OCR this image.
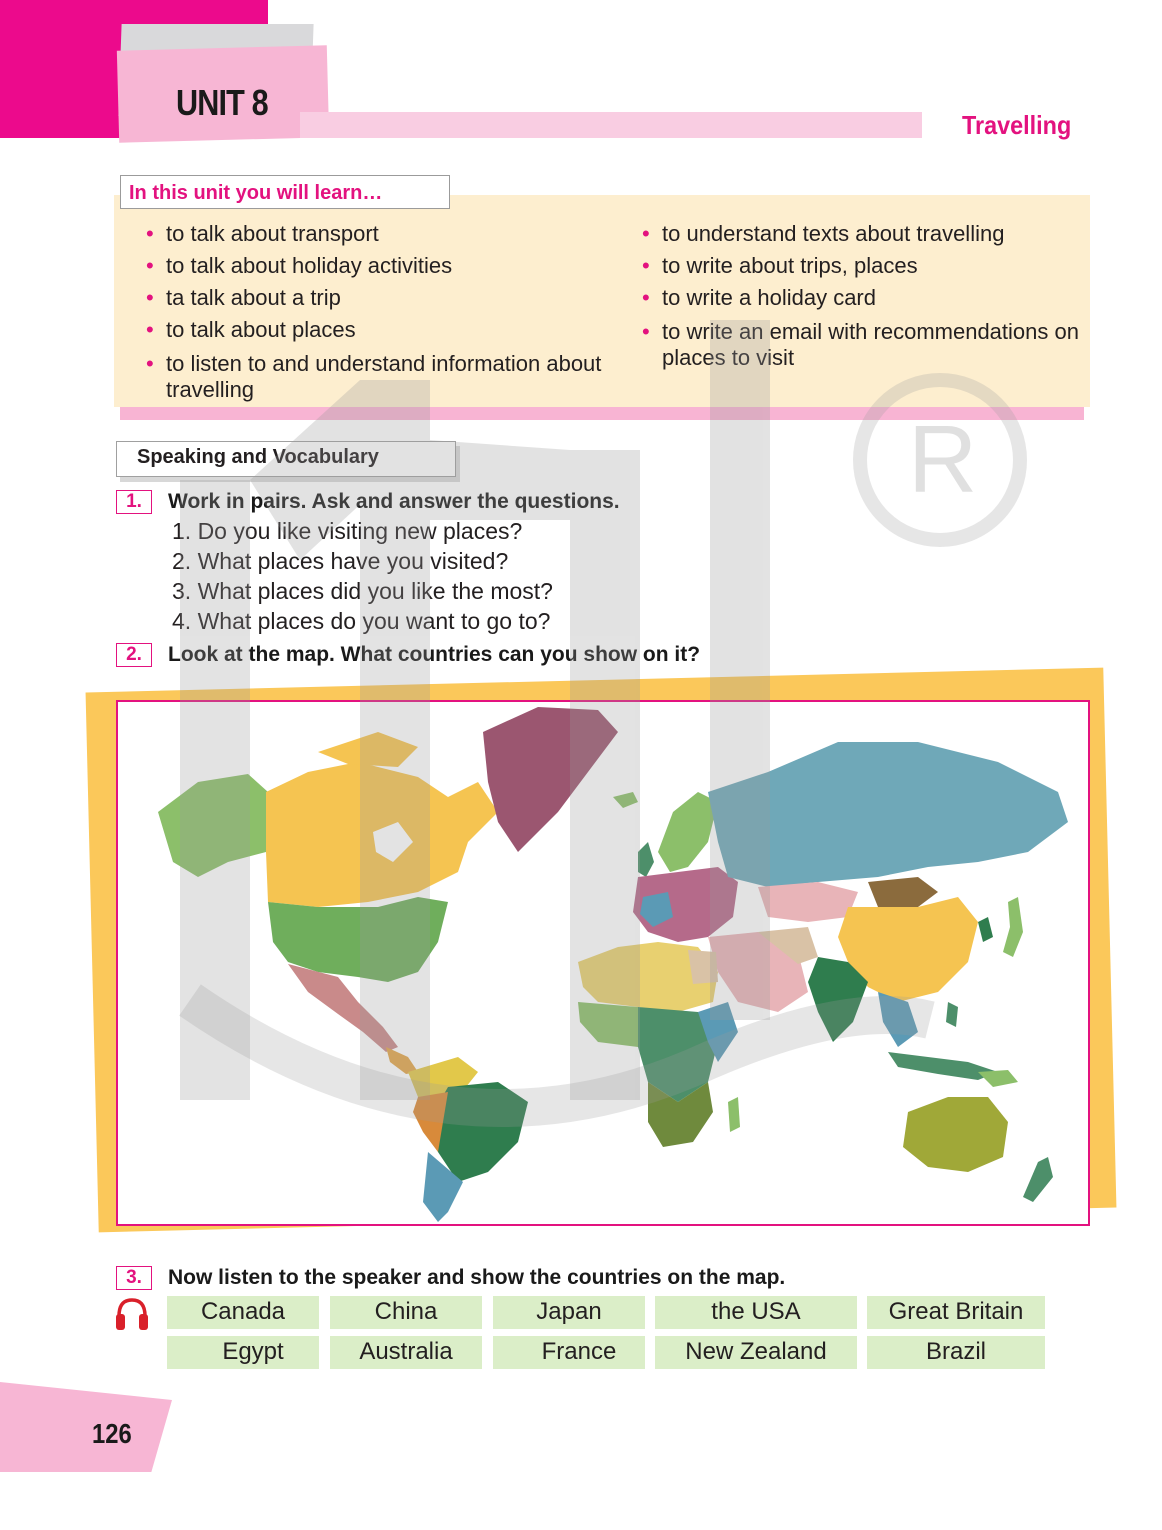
UNIT 8
Travelling
In this unit you will learn…
• to talk about transport
• to talk about holiday activities
• ta talk about a trip
• to talk about places
• to listen to and understand information about travelling
• to understand texts about travelling
• to write about trips, places
• to write a holiday card
• to write an email with recommendations on places to visit
Speaking and Vocabulary
1.	Work in pairs. Ask and answer the questions.
1. Do you like visiting new places?
2. What places have you visited?
3. What places did you like the most?
4. What places do you want to go to?
2.	Look at the map. What countries can you show on it?
R
3.	Now listen to the speaker and show the countries on the map.
Canada	China	Japan	the USA	Great Britain
Egypt	Australia	France	New Zealand	Brazil
126
